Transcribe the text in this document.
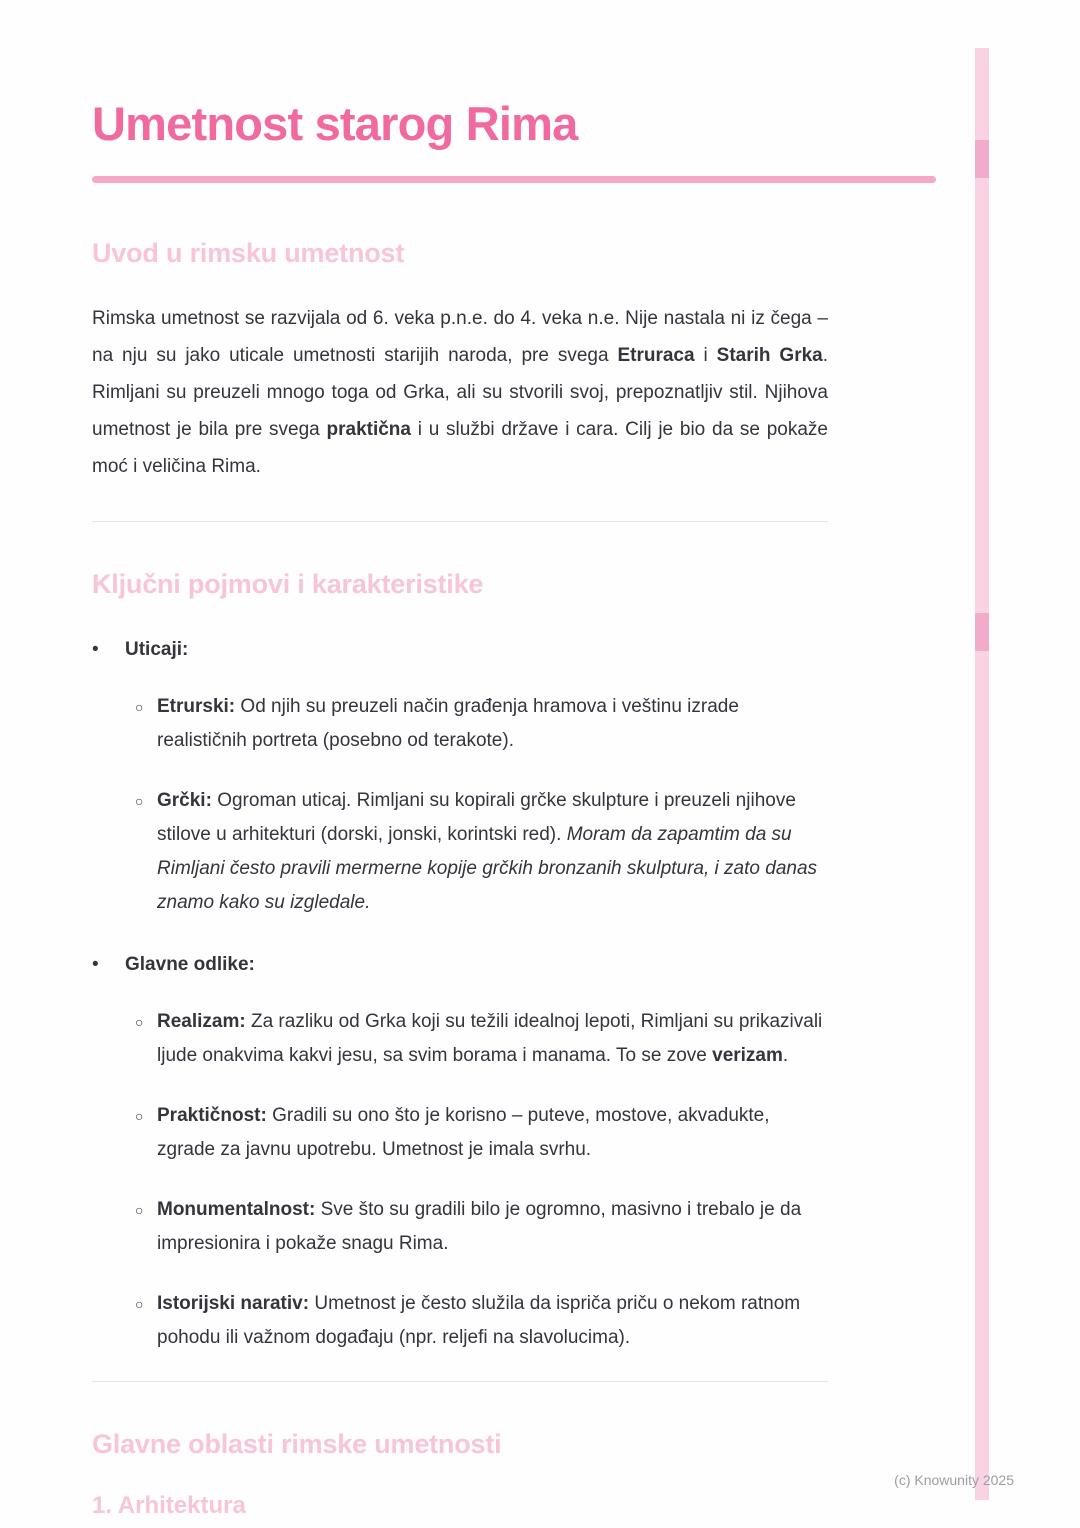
Umetnost starog Rima
Uvod u rimsku umetnost

Rimska umetnost se razvijala od 6. veka p.n.e. do 4. veka n.e. Nije nastala ni iz čega – na nju su jako uticale umetnosti starijih naroda, pre svega Etruraca i Starih Grka. Rimljani su preuzeli mnogo toga od Grka, ali su stvorili svoj, prepoznatljiv stil. Njihova umetnost je bila pre svega praktična i u službi države i cara. Cilj je bio da se pokaže moć i veličina Rima.

Ključni pojmovi i karakteristike
•	Uticaji:
○ Etrurski: Od njih su preuzeli način građenja hramova i veštinu izrade realističnih portreta (posebno od terakote).
○ Grčki: Ogroman uticaj. Rimljani su kopirali grčke skulpture i preuzeli njihove stilove u arhitekturi (dorski, jonski, korintski red). Moram da zapamtim da su Rimljani često pravili mermerne kopije grčkih bronzanih skulptura, i zato danas znamo kako su izgledale.
•	Glavne odlike:
○ Realizam: Za razliku od Grka koji su težili idealnoj lepoti, Rimljani su prikazivali ljude onakvima kakvi jesu, sa svim borama i manama. To se zove verizam.
○ Praktičnost: Gradili su ono što je korisno – puteve, mostove, akvadukte, zgrade za javnu upotrebu. Umetnost je imala svrhu.
○ Monumentalnost: Sve što su gradili bilo je ogromno, masivno i trebalo je da impresionira i pokaže snagu Rima.
○ Istorijski narativ: Umetnost je često služila da ispriča priču o nekom ratnom pohodu ili važnom događaju (npr. reljefi na slavolucima).
Glavne oblasti rimske umetnosti
1. Arhitektura
(c) Knowunity 2025
